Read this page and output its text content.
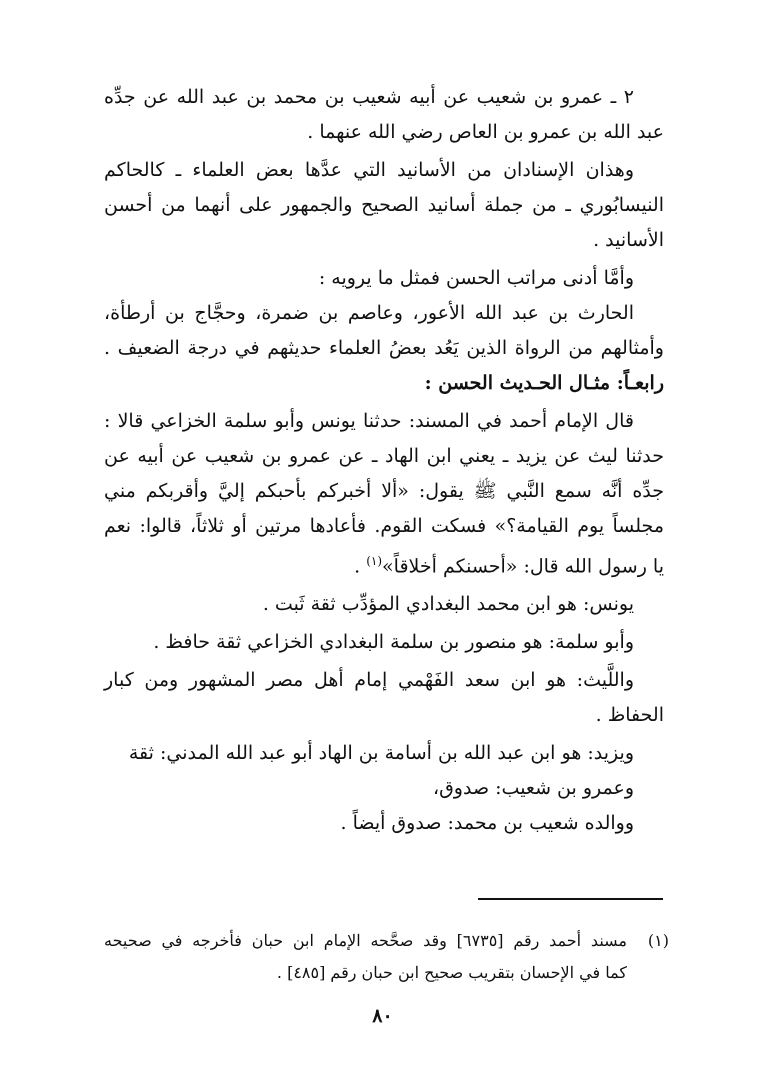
٢ ـ عمرو بن شعيب عن أبيه شعيب بن محمد بن عبد الله عن جدِّه
عبد الله بن عمرو بن العاص رضي الله عنهما .
وهذان الإسنادان من الأسانيد التي عدَّها بعض العلماء ـ كالحاكم
النيسابُوري ـ من جملة أسانيد الصحيح والجمهور على أنهما من أحسن
الأسانيد .
وأمَّا أدنى مراتب الحسن فمثل ما يرويه :
الحارث بن عبد الله الأعور، وعاصم بن ضمرة، وحجَّاج بن أرطأة،
وأمثالهم من الرواة الذين يَعُد بعضُ العلماء حديثهم في درجة الضعيف .
رابعـاً: مثـال الحـديث الحسن :
قال الإمام أحمد في المسند: حدثنا يونس وأبو سلمة الخزاعي قالا :
حدثنا ليث عن يزيد ـ يعني ابن الهاد ـ عن عمرو بن شعيب عن أبيه عن
جدِّه أنَّه سمع النَّبي ﷺ يقول: «ألا أخبركم بأحبكم إليَّ وأقربكم مني
مجلساً يوم القيامة؟» فسكت القوم. فأعادها مرتين أو ثلاثاً، قالوا: نعم
يا رسول الله قال: «أحسنكم أخلاقاً»$^{(١)}$ .
يونس: هو ابن محمد البغدادي المؤدِّب ثقة ثَبت .
وأبو سلمة: هو منصور بن سلمة البغدادي الخزاعي ثقة حافظ .
واللَّيث: هو ابن سعد الفَهْمي إمام أهل مصر المشهور ومن كبار
الحفاظ .
ويزيد: هو ابن عبد الله بن أسامة بن الهاد أبو عبد الله المدني: ثقة
وعمرو بن شعيب: صدوق،
ووالده شعيب بن محمد: صدوق أيضاً .
(١)مسند أحمد رقم [٦٧٣٥] وقد صحَّحه الإمام ابن حبان فأخرجه في صحيحه
كما في الإحسان بتقريب صحيح ابن حبان رقم [٤٨٥] .
٨٠
